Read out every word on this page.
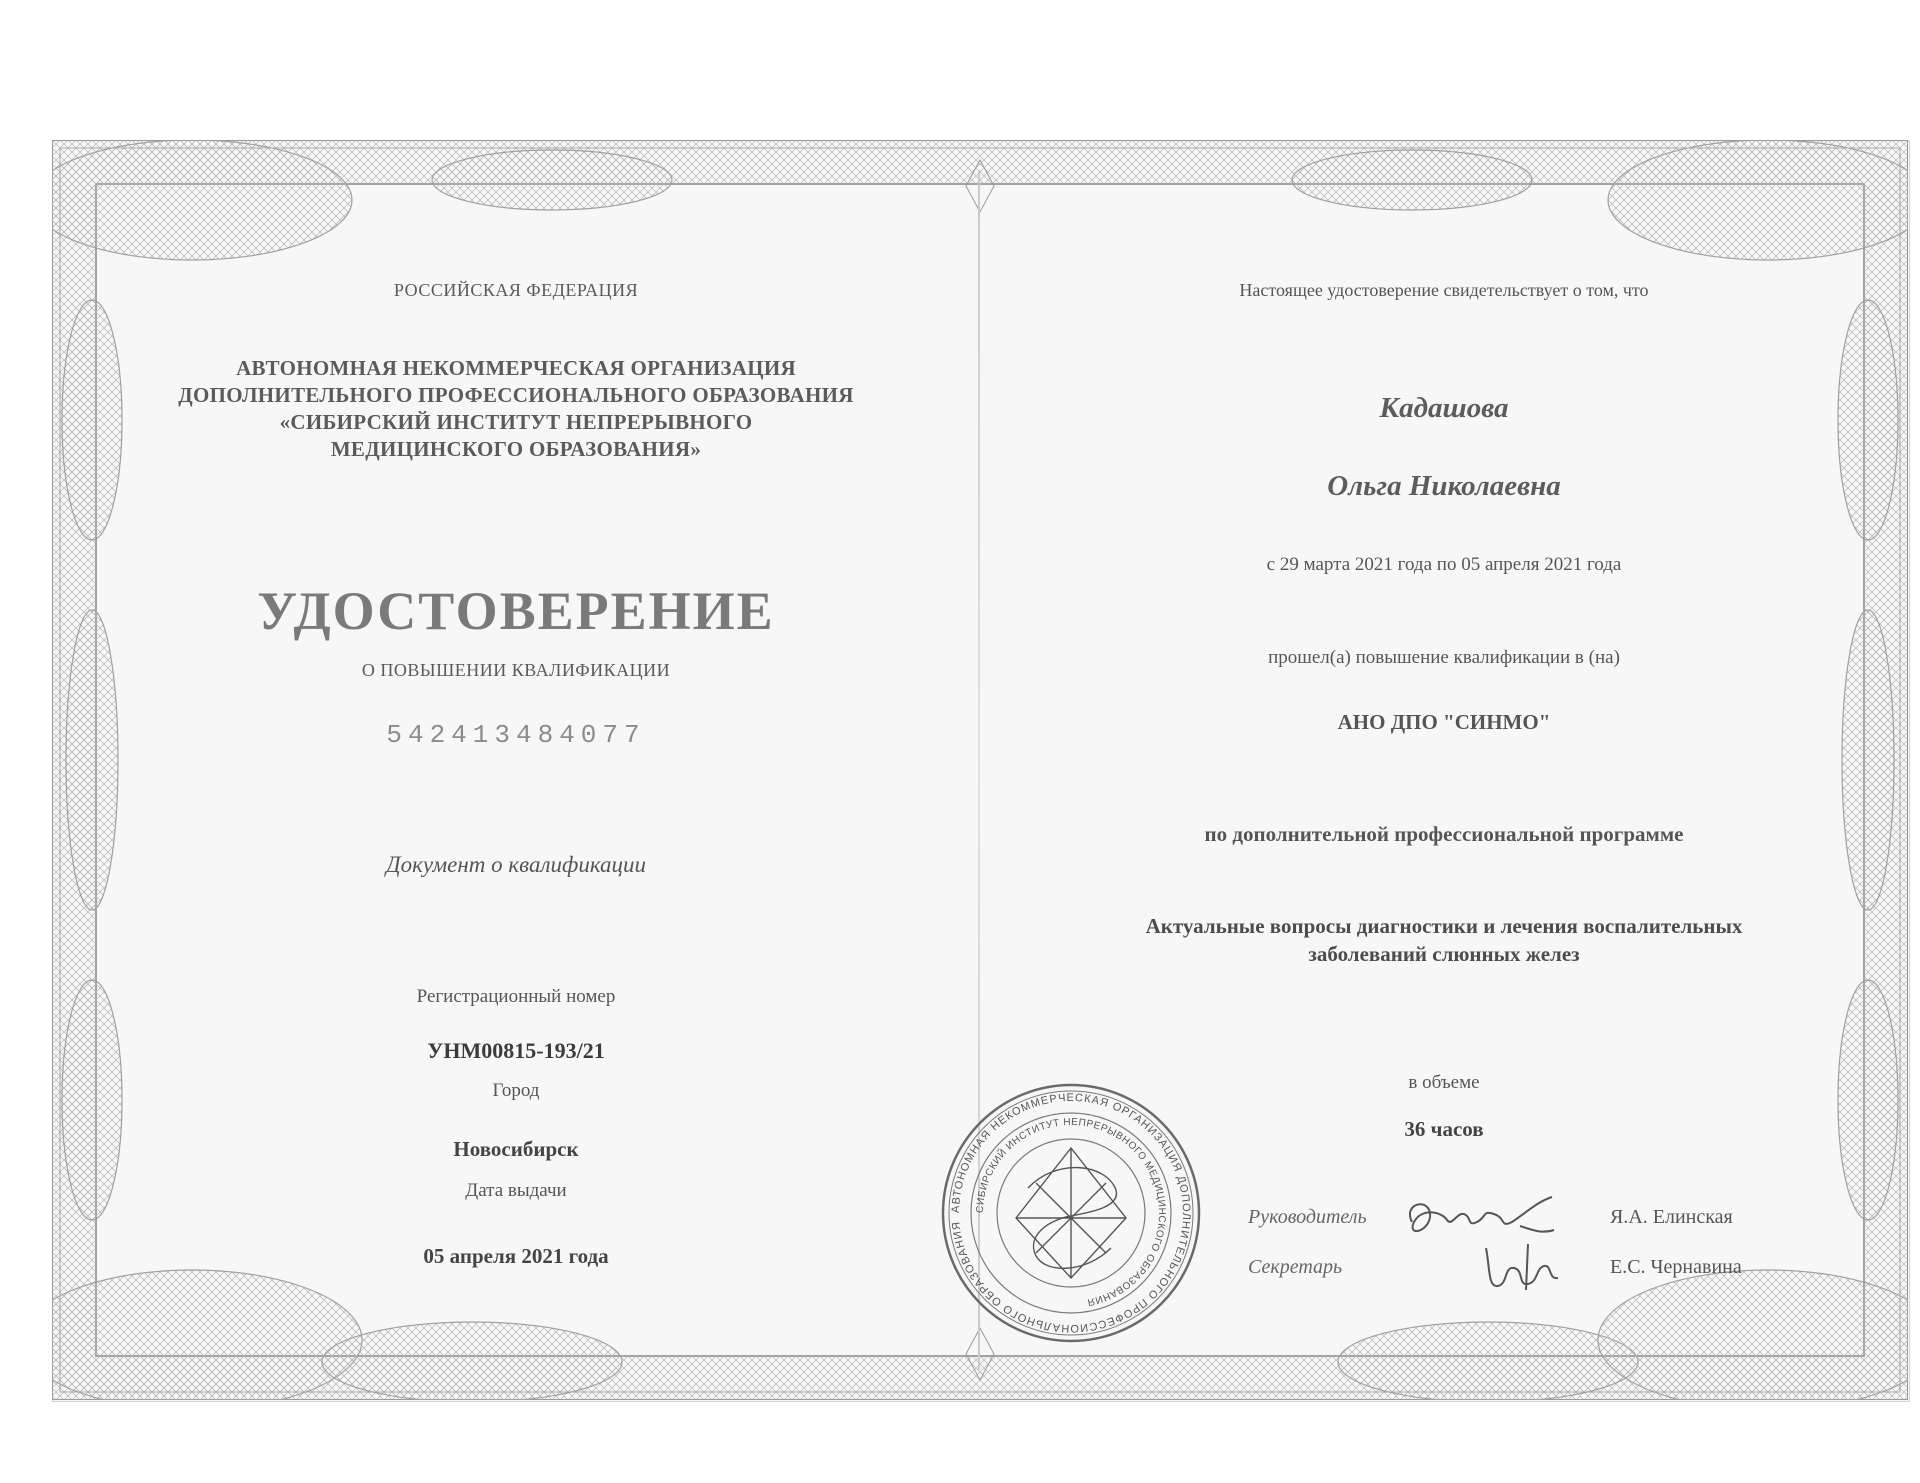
РОССИЙСКАЯ ФЕДЕРАЦИЯ
АВТОНОМНАЯ НЕКОММЕРЧЕСКАЯ ОРГАНИЗАЦИЯ
ДОПОЛНИТЕЛЬНОГО ПРОФЕССИОНАЛЬНОГО ОБРАЗОВАНИЯ
«СИБИРСКИЙ ИНСТИТУТ НЕПРЕРЫВНОГО
МЕДИЦИНСКОГО ОБРАЗОВАНИЯ»
УДОСТОВЕРЕНИЕ
О ПОВЫШЕНИИ КВАЛИФИКАЦИИ
542413484077
Документ о квалификации
Регистрационный номер
УНМ00815-193/21
Город
Новосибирск
Дата выдачи
05 апреля 2021 года
Настоящее удостоверение свидетельствует о том, что
Кадашова
Ольга Николаевна
с 29 марта 2021 года по 05 апреля 2021 года
прошел(а) повышение квалификации в (на)
АНО ДПО "СИНМО"
по дополнительной профессиональной программе
Актуальные вопросы диагностики и лечения воспалительных
заболеваний слюнных желез
в объеме
36 часов
АВТОНОМНАЯ НЕКОММЕРЧЕСКАЯ ОРГАНИЗАЦИЯ ДОПОЛНИТЕЛЬНОГО ПРОФЕССИОНАЛЬНОГО ОБРАЗОВАНИЯ
СИБИРСКИЙ ИНСТИТУТ НЕПРЕРЫВНОГО МЕДИЦИНСКОГО ОБРАЗОВАНИЯ
Руководитель	Я.А. Елинская
Секретарь	Е.С. Чернавина
